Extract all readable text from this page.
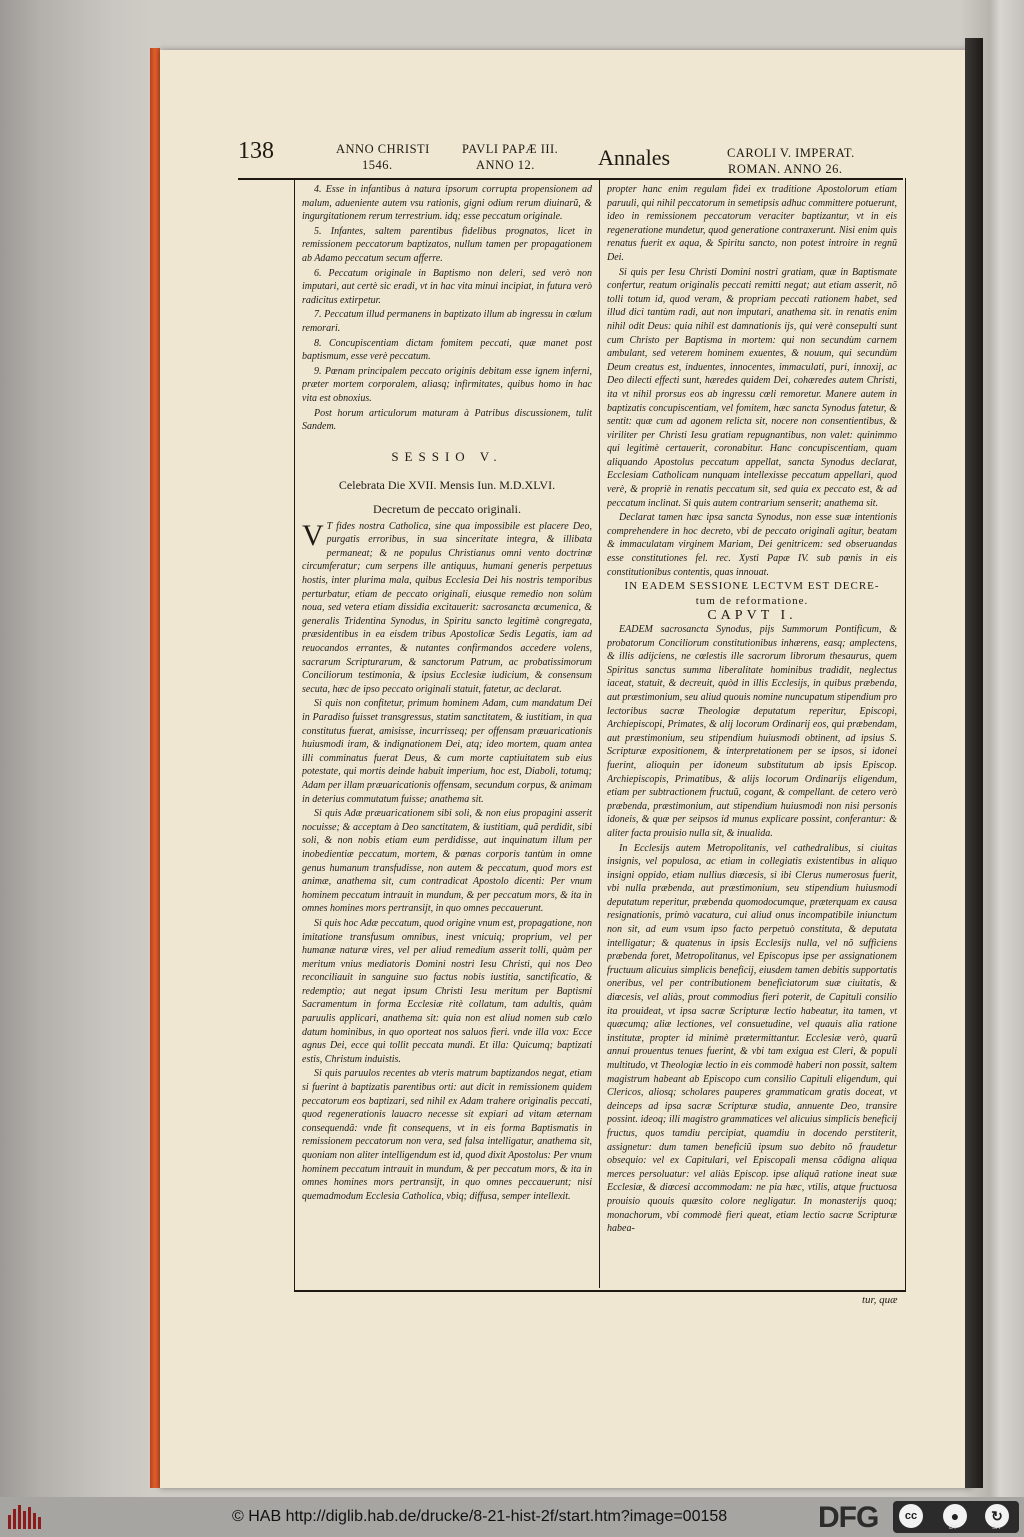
138	ANNO CHRISTI
1546.
PAVLI PAPÆ III.
ANNO 12.	Annales	CAROLI V. IMPERAT.
ROMAN. ANNO 26.

4. Esse in infantibus à natura ipsorum corrupta propensionem ad malum, adueniente autem vsu rationis, gigni odium rerum diuinarũ, & ingurgitationem rerum terrestrium. idq; esse peccatum originale.

5. Infantes, saltem parentibus fidelibus prognatos, licet in remissionem peccatorum baptizatos, nullum tamen per propagationem ab Adamo peccatum secum afferre.

6. Peccatum originale in Baptismo non deleri, sed verò non imputari, aut certè sic eradi, vt in hac vita minui incipiat, in futura verò radicitus extirpetur.

7. Peccatum illud permanens in baptizato illum ab ingressu in cœlum remorari.

8. Concupiscentiam dictam fomitem peccati, quæ manet post baptismum, esse verè peccatum.

9. Pœnam principalem peccato originis debitam esse ignem inferni, præter mortem corporalem, aliasq; infirmitates, quibus homo in hac vita est obnoxius.

Post horum articulorum maturam à Patribus discussionem, tulit Sandem.

SESSIO V.

Celebrata Die XVII. Mensis Iun. M.D.XLVI.

Decretum de peccato originali.

V T fides nostra Catholica, sine qua impossibile est placere Deo, purgatis erroribus, in sua sinceritate integra, & illibata permaneat; & ne populus Christianus omni vento doctrinæ circumferatur; cum serpens ille antiquus, humani generis perpetuus hostis, inter plurima mala, quibus Ecclesia Dei his nostris temporibus perturbatur, etiam de peccato originali, eiusque remedio non solùm noua, sed vetera etiam dissidia excitauerit: sacrosancta œcumenica, & generalis Tridentina Synodus, in Spiritu sancto legitimè congregata, præsidentibus in ea eisdem tribus Apostolicæ Sedis Legatis, iam ad reuocandos errantes, & nutantes confirmandos accedere volens, sacrarum Scripturarum, & sanctorum Patrum, ac probatissimorum Conciliorum testimonia, & ipsius Ecclesiæ iudicium, & consensum secuta, hæc de ipso peccato originali statuit, fatetur, ac declarat.

Si quis non confitetur, primum hominem Adam, cum mandatum Dei in Paradiso fuisset transgressus, statim sanctitatem, & iustitiam, in qua constitutus fuerat, amisisse, incurrisseq; per offensam præuaricationis huiusmodi iram, & indignationem Dei, atq; ideo mortem, quam antea illi comminatus fuerat Deus, & cum morte captiuitatem sub eius potestate, qui mortis deinde habuit imperium, hoc est, Diaboli, totumq; Adam per illam præuaricationis offensam, secundum corpus, & animam in deterius commutatum fuisse; anathema sit.

Si quis Adæ præuaricationem sibi soli, & non eius propagini asserit nocuisse; & acceptam à Deo sanctitatem, & iustitiam, quã perdidit, sibi soli, & non nobis etiam eum perdidisse, aut inquinatum illum per inobedientiæ peccatum, mortem, & pœnas corporis tantùm in omne genus humanum transfudisse, non autem & peccatum, quod mors est animæ, anathema sit, cum contradicat Apostolo dicenti: Per vnum hominem peccatum intrauit in mundum, & per peccatum mors, & ita in omnes homines mors pertransijt, in quo omnes peccauerunt.

Si quis hoc Adæ peccatum, quod origine vnum est, propagatione, non imitatione transfusum omnibus, inest vnicuiq; proprium, vel per humanæ naturæ vires, vel per aliud remedium asserit tolli, quàm per meritum vnius mediatoris Domini nostri Iesu Christi, qui nos Deo reconciliauit in sanguine suo factus nobis iustitia, sanctificatio, & redemptio; aut negat ipsum Christi Iesu meritum per Baptismi Sacramentum in forma Ecclesiæ ritè collatum, tam adultis, quàm paruulis applicari, anathema sit: quia non est aliud nomen sub cœlo datum hominibus, in quo oporteat nos saluos fieri. vnde illa vox: Ecce agnus Dei, ecce qui tollit peccata mundi. Et illa: Quicumq; baptizati estis, Christum induistis.

Si quis paruulos recentes ab vteris matrum baptizandos negat, etiam si fuerint à baptizatis parentibus orti: aut dicit in remissionem quidem peccatorum eos baptizari, sed nihil ex Adam trahere originalis peccati, quod regenerationis lauacro necesse sit expiari ad vitam æternam consequendã: vnde fit consequens, vt in eis forma Baptismatis in remissionem peccatorum non vera, sed falsa intelligatur, anathema sit, quoniam non aliter intelligendum est id, quod dixit Apostolus: Per vnum hominem peccatum intrauit in mundum, & per peccatum mors, & ita in omnes homines mors pertransijt, in quo omnes peccauerunt; nisi quemadmodum Ecclesia Catholica, vbiq; diffusa, semper intellexit.

propter hanc enim regulam fidei ex traditione Apostolorum etiam paruuli, qui nihil peccatorum in semetipsis adhuc committere potuerunt, ideo in remissionem peccatorum veraciter baptizantur, vt in eis regeneratione mundetur, quod generatione contraxerunt. Nisi enim quis renatus fuerit ex aqua, & Spiritu sancto, non potest introire in regnũ Dei.

Si quis per Iesu Christi Domini nostri gratiam, quæ in Baptismate confertur, reatum originalis peccati remitti negat; aut etiam asserit, nõ tolli totum id, quod veram, & propriam peccati rationem habet, sed illud dici tantùm radi, aut non imputari, anathema sit. in renatis enim nihil odit Deus: quia nihil est damnationis ijs, qui verè consepulti sunt cum Christo per Baptisma in mortem: qui non secundùm carnem ambulant, sed veterem hominem exuentes, & nouum, qui secundùm Deum creatus est, induentes, innocentes, immaculati, puri, innoxij, ac Deo dilecti effecti sunt, hæredes quidem Dei, cohæredes autem Christi, ita vt nihil prorsus eos ab ingressu cœli remoretur. Manere autem in baptizatis concupiscentiam, vel fomitem, hæc sancta Synodus fatetur, & sentit: quæ cum ad agonem relicta sit, nocere non consentientibus, & viriliter per Christi Iesu gratiam repugnantibus, non valet: quinimmo qui legitimè certauerit, coronabitur. Hanc concupiscentiam, quam aliquando Apostolus peccatum appellat, sancta Synodus declarat, Ecclesiam Catholicam nunquam intellexisse peccatum appellari, quod verè, & propriè in renatis peccatum sit, sed quia ex peccato est, & ad peccatum inclinat. Si quis autem contrarium senserit; anathema sit.

Declarat tamen hæc ipsa sancta Synodus, non esse suæ intentionis comprehendere in hoc decreto, vbi de peccato originali agitur, beatam & immaculatam virginem Mariam, Dei genitricem: sed obseruandas esse constitutiones fel. rec. Xysti Papæ IV. sub pœnis in eis constitutionibus contentis, quas innouat.

IN EADEM SESSIONE LECTVM EST DECRE-

tum de reformatione.

CAPVT I.

EADEM sacrosancta Synodus, pijs Summorum Pontificum, & probatorum Conciliorum constitutionibus inhærens, easq; amplectens, & illis adijciens, ne cœlestis ille sacrorum librorum thesaurus, quem Spiritus sanctus summa liberalitate hominibus tradidit, neglectus iaceat, statuit, & decreuit, quòd in illis Ecclesijs, in quibus præbenda, aut præstimonium, seu aliud quouis nomine nuncupatum stipendium pro lectoribus sacræ Theologiæ deputatum reperitur, Episcopi, Archiepiscopi, Primates, & alij locorum Ordinarij eos, qui præbendam, aut præstimonium, seu stipendium huiusmodi obtinent, ad ipsius S. Scripturæ expositionem, & interpretationem per se ipsos, si idonei fuerint, alioquin per idoneum substitutum ab ipsis Episcop. Archiepiscopis, Primatibus, & alijs locorum Ordinarijs eligendum, etiam per subtractionem fructuũ, cogant, & compellant. de cetero verò præbenda, præstimonium, aut stipendium huiusmodi non nisi personis idoneis, & quæ per seipsos id munus explicare possint, conferantur: & aliter facta prouisio nulla sit, & inualida.

In Ecclesijs autem Metropolitanis, vel cathedralibus, si ciuitas insignis, vel populosa, ac etiam in collegiatis existentibus in aliquo insigni oppido, etiam nullius diœcesis, si ibi Clerus numerosus fuerit, vbi nulla præbenda, aut præstimonium, seu stipendium huiusmodi deputatum reperitur, præbenda quomodocumque, præterquam ex causa resignationis, primò vacatura, cui aliud onus incompatibile iniunctum non sit, ad eum vsum ipso facto perpetuò constituta, & deputata intelligatur; & quatenus in ipsis Ecclesijs nulla, vel nõ sufficiens præbenda foret, Metropolitanus, vel Episcopus ipse per assignationem fructuum alicuius simplicis beneficij, eiusdem tamen debitis supportatis oneribus, vel per contributionem beneficiatorum suæ ciuitatis, & diœcesis, vel aliàs, prout commodius fieri poterit, de Capituli consilio ita prouideat, vt ipsa sacræ Scripturæ lectio habeatur, ita tamen, vt quæcumq; aliæ lectiones, vel consuetudine, vel quauis alia ratione institutæ, propter id minimè prætermittantur. Ecclesiæ verò, quarũ annui prouentus tenues fuerint, & vbi tam exigua est Cleri, & populi multitudo, vt Theologiæ lectio in eis commodè haberi non possit, saltem magistrum habeant ab Episcopo cum consilio Capituli eligendum, qui Clericos, aliosq; scholares pauperes grammaticam gratis doceat, vt deinceps ad ipsa sacræ Scripturæ studia, annuente Deo, transire possint. ideoq; illi magistro grammatices vel alicuius simplicis beneficij fructus, quos tamdiu percipiat, quamdiu in docendo perstiterit, assignetur: dum tamen beneficiũ ipsum suo debito nõ fraudetur obsequio: vel ex Capitulari, vel Episcopali mensa cõdigna aliqua merces persoluatur: vel aliàs Episcop. ipse aliquã ratione ineat suæ Ecclesiæ, & diœcesi accommodam: ne pia hæc, vtilis, atque fructuosa prouisio quouis quæsito colore negligatur. In monasterijs quoq; monachorum, vbi commodè fieri queat, etiam lectio sacræ Scripturæ habea-

tur, quæ
© HAB http://diglib.hab.de/drucke/8-21-hist-2f/start.htm?image=00158	DFG	cc	●	↻
BY	SA
